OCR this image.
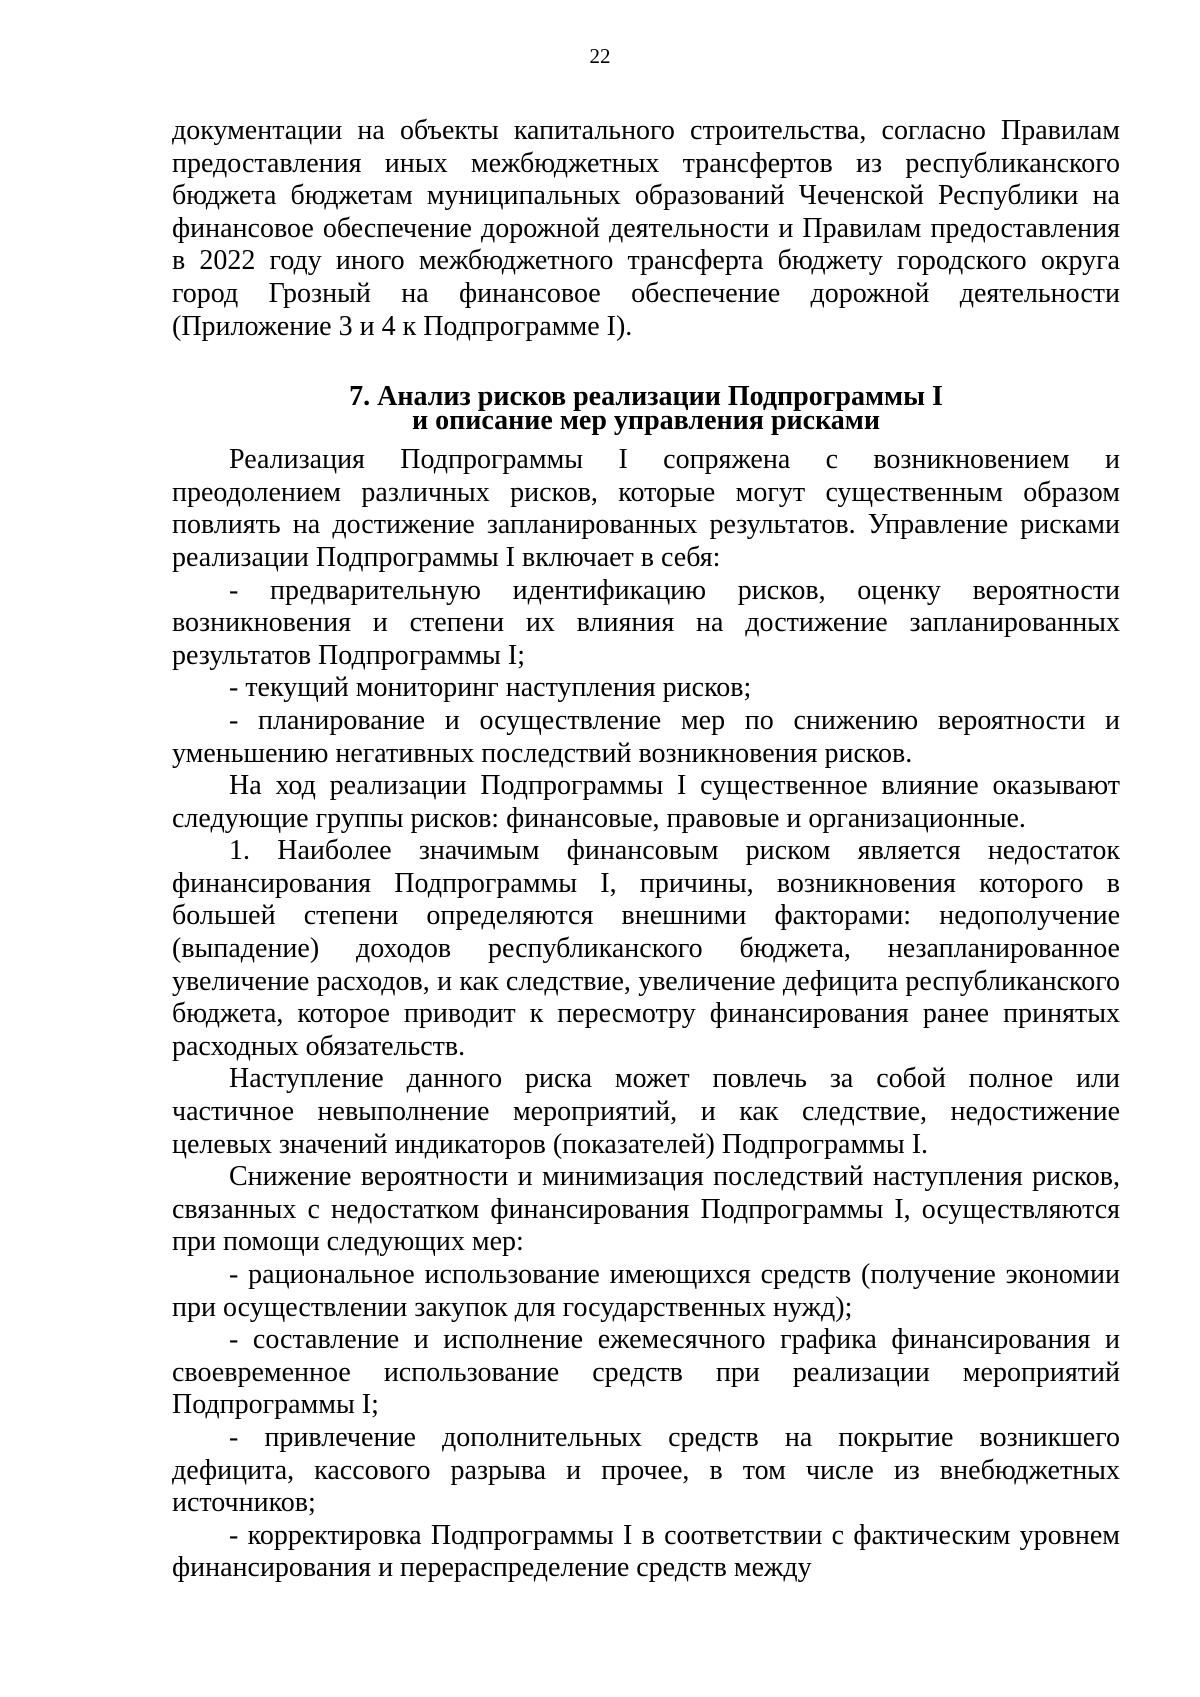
22

документации на объекты капитального строительства, согласно Правилам предоставления иных межбюджетных трансфертов из республиканского бюджета бюджетам муниципальных образований Чеченской Республики на финансовое обеспечение дорожной деятельности и Правилам предоставления в 2022 году иного межбюджетного трансферта бюджету городского округа город Грозный на финансовое обеспечение дорожной деятельности (Приложение 3 и 4 к Подпрограмме I).

7. Анализ рисков реализации Подпрограммы I
и описание мер управления рисками

Реализация Подпрограммы I сопряжена с возникновением и преодолением различных рисков, которые могут существенным образом повлиять на достижение запланированных результатов. Управление рисками реализации Подпрограммы I включает в себя:

- предварительную идентификацию рисков, оценку вероятности возникновения и степени их влияния на достижение запланированных результатов Подпрограммы I;

- текущий мониторинг наступления рисков;

- планирование и осуществление мер по снижению вероятности и уменьшению негативных последствий возникновения рисков.

На ход реализации Подпрограммы I существенное влияние оказывают следующие группы рисков: финансовые, правовые и организационные.

1. Наиболее значимым финансовым риском является недостаток финансирования Подпрограммы I, причины, возникновения которого в большей степени определяются внешними факторами: недополучение (выпадение) доходов республиканского бюджета, незапланированное увеличение расходов, и как следствие, увеличение дефицита республиканского бюджета, которое приводит к пересмотру финансирования ранее принятых расходных обязательств.

Наступление данного риска может повлечь за собой полное или частичное невыполнение мероприятий, и как следствие, недостижение целевых значений индикаторов (показателей) Подпрограммы I.

Снижение вероятности и минимизация последствий наступления рисков, связанных с недостатком финансирования Подпрограммы I, осуществляются при помощи следующих мер:

- рациональное использование имеющихся средств (получение экономии при осуществлении закупок для государственных нужд);

- составление и исполнение ежемесячного графика финансирования и своевременное использование средств при реализации мероприятий Подпрограммы I;

- привлечение дополнительных средств на покрытие возникшего дефицита, кассового разрыва и прочее, в том числе из внебюджетных источников;

- корректировка Подпрограммы I в соответствии с фактическим уровнем финансирования и перераспределение средств между
